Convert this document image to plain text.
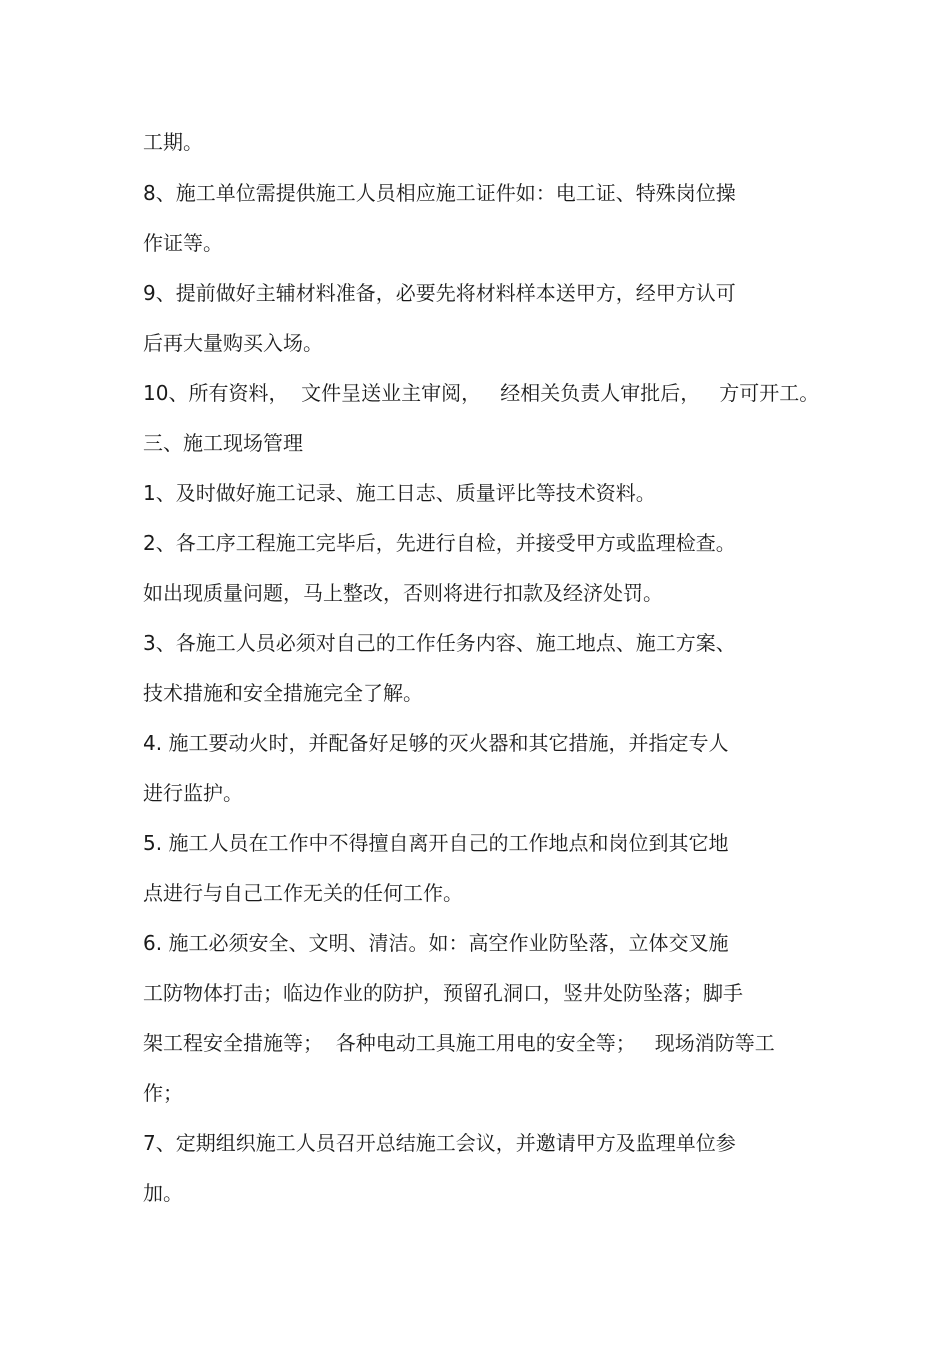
工期。
8、施工单位需提供施工人员相应施工证件如：电工证、特殊岗位操
作证等。
9、提前做好主辅材料准备，必要先将材料样本送甲方，经甲方认可
后再大量购买入场。
10、所有资料，  文件呈送业主审阅，   经相关负责人审批后，   方可开工。
三、施工现场管理
1、及时做好施工记录、施工日志、质量评比等技术资料。
2、各工序工程施工完毕后，先进行自检，并接受甲方或监理检查。
如出现质量问题，马上整改，否则将进行扣款及经济处罚。
3、各施工人员必须对自己的工作任务内容、施工地点、施工方案、
技术措施和安全措施完全了解。
4. 施工要动火时，并配备好足够的灭火器和其它措施，并指定专人
进行监护。
5. 施工人员在工作中不得擅自离开自己的工作地点和岗位到其它地
点进行与自己工作无关的任何工作。
6. 施工必须安全、文明、清洁。如：高空作业防坠落，立体交叉施
工防物体打击；临边作业的防护，预留孔洞口，竖井处防坠落；脚手
架工程安全措施等；  各种电动工具施工用电的安全等；   现场消防等工
作；
7、定期组织施工人员召开总结施工会议，并邀请甲方及监理单位参
加。
